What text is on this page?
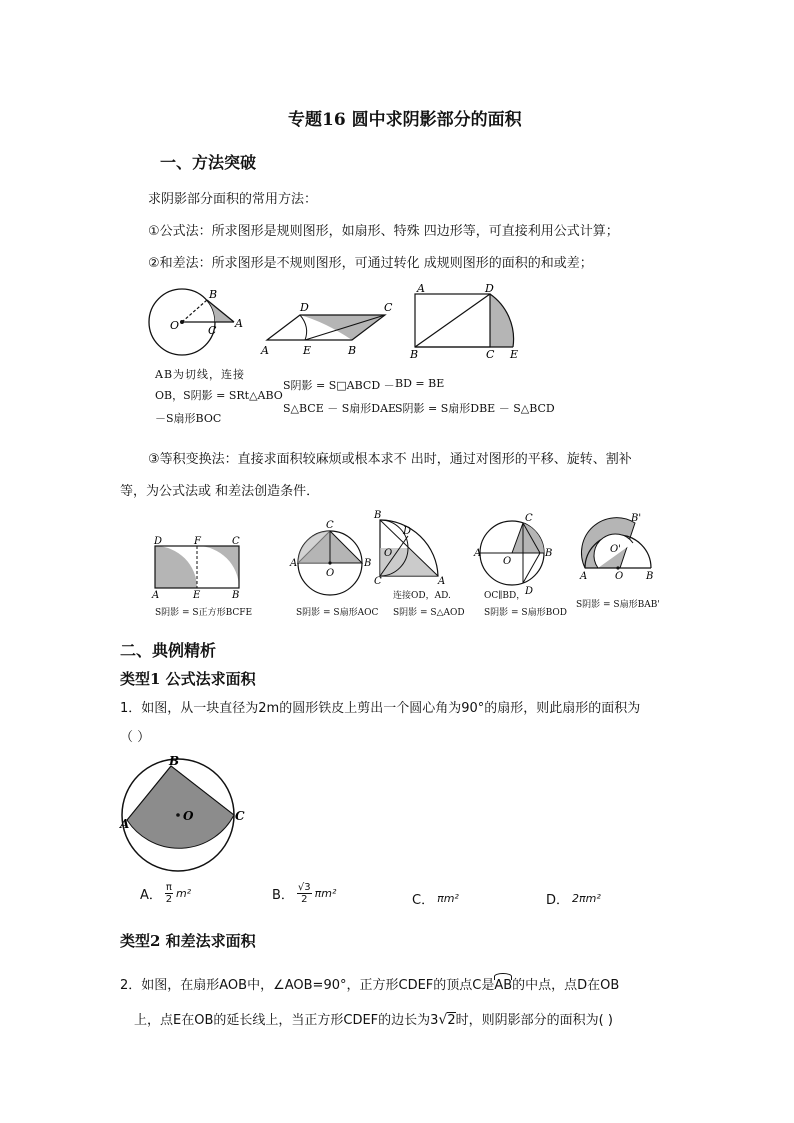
专题16 圆中求阴影部分的面积
一、方法突破
求阴影部分面积的常用方法：
①公式法：所求图形是规则图形，如扇形、特殊 四边形等，可直接利用公式计算；
②和差法：所求图形是不规则图形，可通过转化 成规则图形的面积的和或差；
O
B
A
C
A	E	B
D	C
A	D
B	C E
AB为切线，连接
OB，S阴影 = SRt△ABO
－S扇形BOC
S阴影 = S□ABCD －
S△BCE － S扇形DAE
BD = BE
S阴影 = S扇形DBE － S△BCD
③等积变换法：直接求面积较麻烦或根本求不 出时，通过对图形的平移、旋转、割补
等，为公式法或 和差法创造条件．
D	F	C
A	E	B
C
A	B
O
B
D
O
C	A
A
C
O
B
D
A	O B
B'
O'
S阴影 = S正方形BCFE	S阴影 = S扇形AOC
连接OD，AD.
S阴影 = S△AOD
OC∥BD，
S阴影 = S扇形BOD
S阴影 = S扇形BAB'
二、典例精析
类型1 公式法求面积
1．如图，从一块直径为2m的圆形铁皮上剪出一个圆心角为90°的扇形，则此扇形的面积为
（ ）
B
A
C
O
A． $\frac{\pi}{2} m^2$	B． $\frac{√3}{2} \pi m^2$	C． πm²	D． 2πm²
类型2 和差法求面积
2．如图，在扇形AOB中，∠AOB=90°，正方形CDEF的顶点C是AB的中点，点D在OB
上，点E在OB的延长线上，当正方形CDEF的边长为3√2时，则阴影部分的面积为( )
